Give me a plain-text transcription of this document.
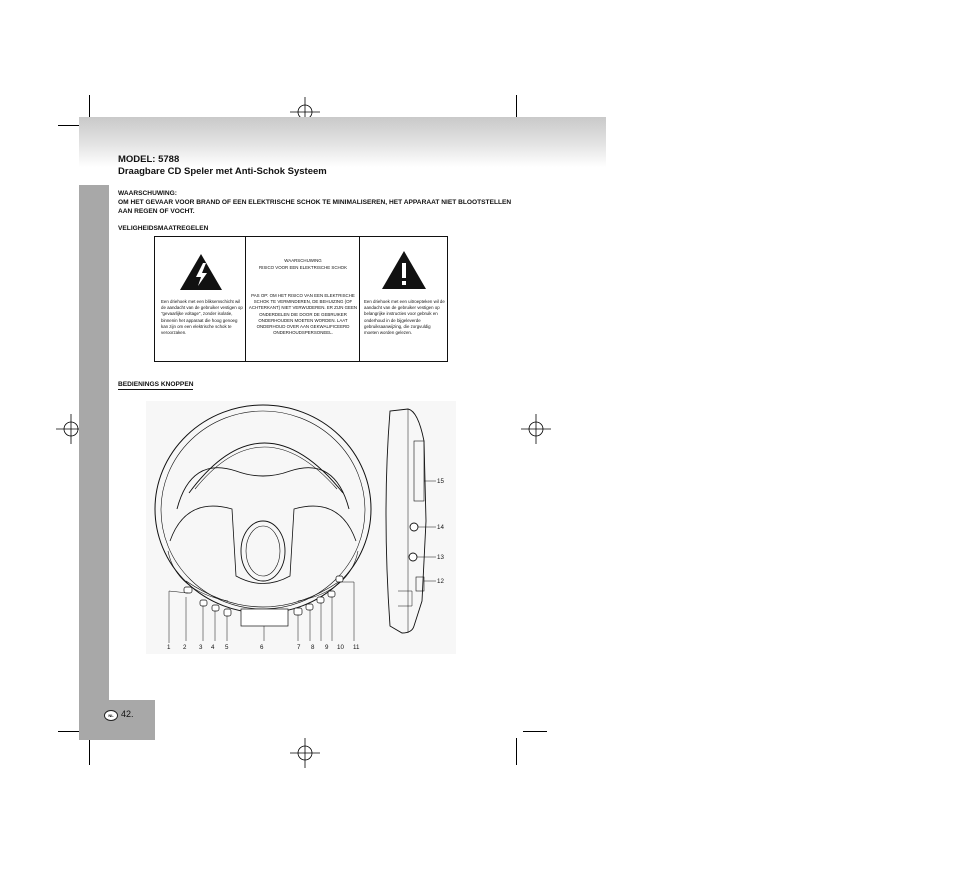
NL 42.
MODEL: 5788
Draagbare CD Speler met Anti-Schok Systeem
WAARSCHUWING:
OM HET GEVAAR VOOR BRAND OF EEN ELEKTRISCHE SCHOK TE MINIMALISEREN, HET APPARAAT NIET BLOOTSTELLEN AAN REGEN OF VOCHT.
VELIGHEIDSMAATREGELEN
Een driehoek met een bliksemschicht wil de aandacht van de gebruiker vestigen op "gevaarlijke voltage", zonder isolatie, binnenin het apparaat die hoog genoeg kan zijn om een elektrische schok te veroorzaken.
WAARSCHUWING
RISICO VOOR EEN ELEKTRISCHE SCHOK
PAS OP: OM HET RISICO VAN EEN ELEKTRISCHE SCHOK TE VERMINDEREN, DE BEHUIZING (OF ACHTERKANT) NIET VERWIJDEREN. ER ZIJN GEEN ONDERDELEN DIE DOOR DE GEBRUIKER ONDERHOUDEN MOETEN WORDEN. LAAT ONDERHOUD OVER AAN GEKWALIFICEERD ONDERHOUDSPERSONEEL.
Een driehoek met een uitroepteken wil de aandacht van de gebruiker vestigen op belangrijke instructies voor gebruik en onderhoud in de bijgeleverde gebruiksaanwijzing, die zorgvuldig moeten worden gelezen.
BEDIENINGS KNOPPEN
1 2 3 4 5	6	7 8 9 10 11
15
14
13
12
